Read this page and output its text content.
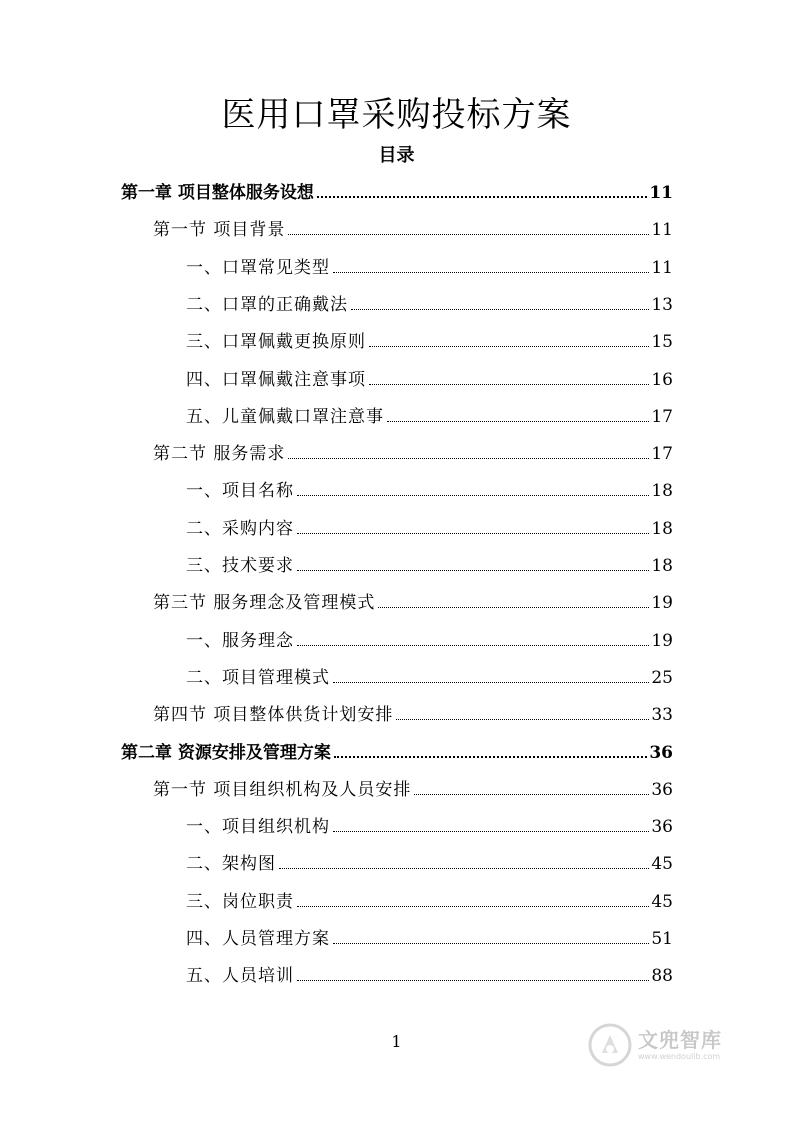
医用口罩采购投标方案
目录
第一章 项目整体服务设想	11
第一节 项目背景	11
一、口罩常见类型	11
二、口罩的正确戴法	13
三、口罩佩戴更换原则	15
四、口罩佩戴注意事项	16
五、儿童佩戴口罩注意事	17
第二节 服务需求	17
一、项目名称	18
二、采购内容	18
三、技术要求	18
第三节 服务理念及管理模式	19
一、服务理念	19
二、项目管理模式	25
第四节 项目整体供货计划安排	33
第二章 资源安排及管理方案	36
第一节 项目组织机构及人员安排	36
一、项目组织机构	36
二、架构图	45
三、岗位职责	45
四、人员管理方案	51
五、人员培训	88
1	文兜智库
www.wendoulib.com
